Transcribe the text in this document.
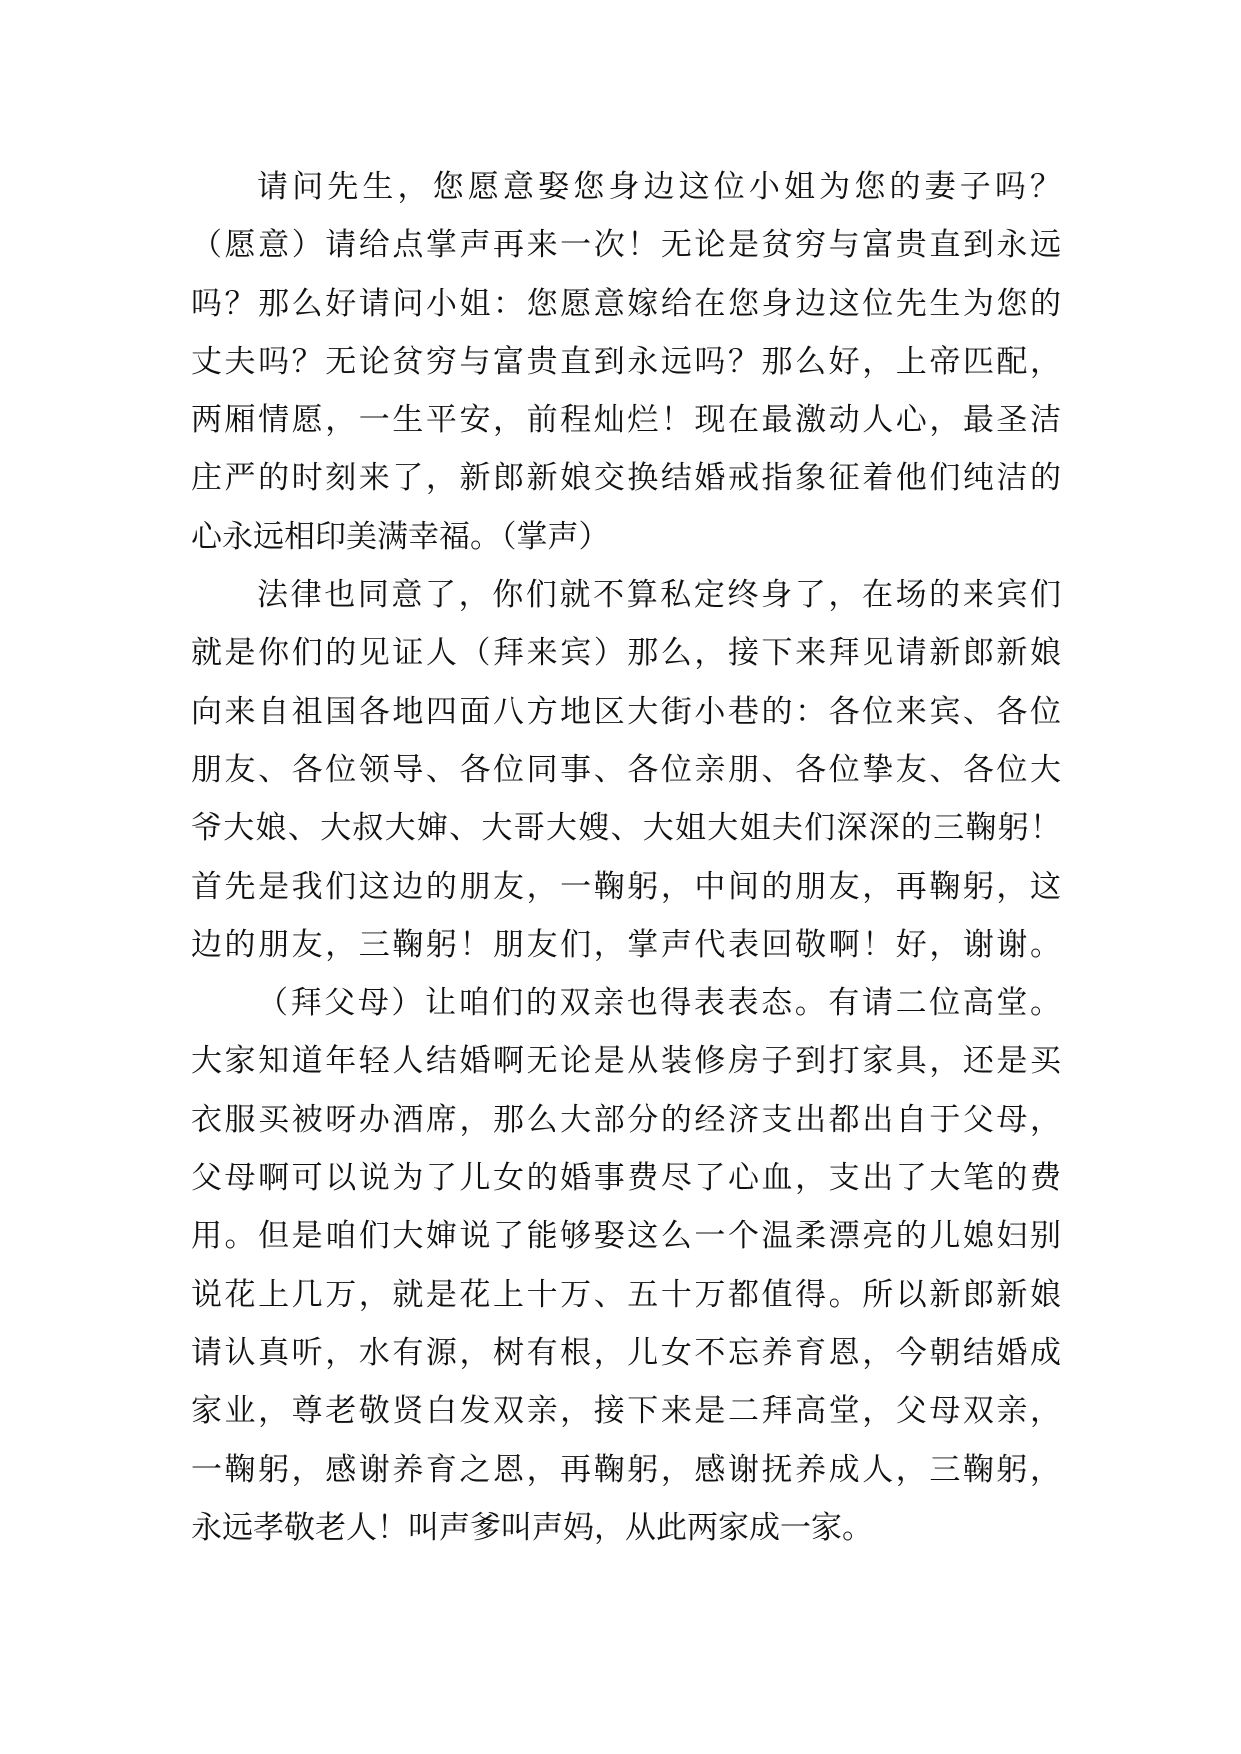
请问先生，您愿意娶您身边这位小姐为您的妻子吗？
（愿意）请给点掌声再来一次！无论是贫穷与富贵直到永远
吗？那么好请问小姐：您愿意嫁给在您身边这位先生为您的
丈夫吗？无论贫穷与富贵直到永远吗？那么好，上帝匹配，
两厢情愿，一生平安，前程灿烂！现在最激动人心，最圣洁
庄严的时刻来了，新郎新娘交换结婚戒指象征着他们纯洁的
心永远相印美满幸福。（掌声）
法律也同意了，你们就不算私定终身了，在场的来宾们
就是你们的见证人（拜来宾）那么，接下来拜见请新郎新娘
向来自祖国各地四面八方地区大街小巷的：各位来宾、各位
朋友、各位领导、各位同事、各位亲朋、各位挚友、各位大
爷大娘、大叔大婶、大哥大嫂、大姐大姐夫们深深的三鞠躬！
首先是我们这边的朋友，一鞠躬，中间的朋友，再鞠躬，这
边的朋友，三鞠躬！朋友们，掌声代表回敬啊！好，谢谢。
（拜父母）让咱们的双亲也得表表态。有请二位高堂。
大家知道年轻人结婚啊无论是从装修房子到打家具，还是买
衣服买被呀办酒席，那么大部分的经济支出都出自于父母，
父母啊可以说为了儿女的婚事费尽了心血，支出了大笔的费
用。但是咱们大婶说了能够娶这么一个温柔漂亮的儿媳妇别
说花上几万，就是花上十万、五十万都值得。所以新郎新娘
请认真听，水有源，树有根，儿女不忘养育恩，今朝结婚成
家业，尊老敬贤白发双亲，接下来是二拜高堂，父母双亲，
一鞠躬，感谢养育之恩，再鞠躬，感谢抚养成人，三鞠躬，
永远孝敬老人！叫声爹叫声妈，从此两家成一家。
